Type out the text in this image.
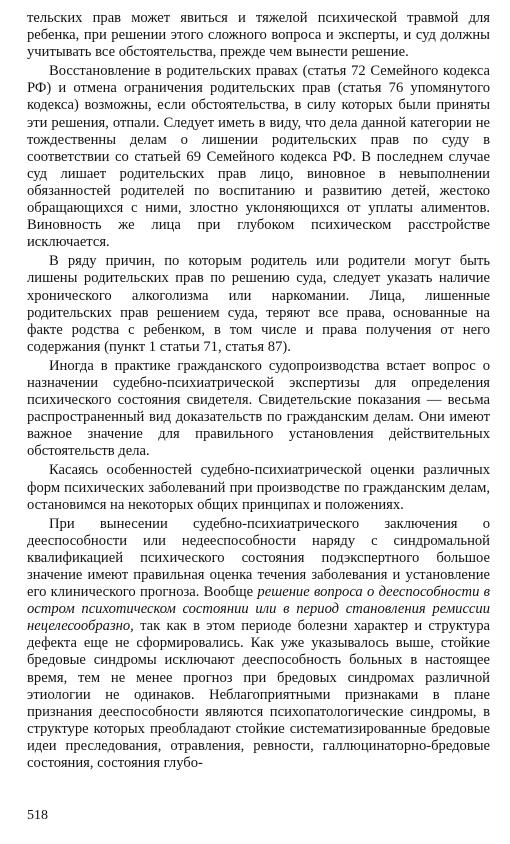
тельских прав может явиться и тяжелой психической травмой для ребенка, при решении этого сложного вопроса и эксперты, и суд должны учитывать все обстоятельства, прежде чем вынести решение.

Восстановление в родительских правах (статья 72 Семейного кодекса РФ) и отмена ограничения родительских прав (статья 76 упомянутого кодекса) возможны, если обстоятельства, в силу которых были приняты эти решения, отпали. Следует иметь в виду, что дела данной категории не тождественны делам о лишении родительских прав по суду в соответствии со статьей 69 Семейного кодекса РФ. В последнем случае суд лишает родительских прав лицо, виновное в невыполнении обязанностей родителей по воспитанию и развитию детей, жестоко обращающихся с ними, злостно уклоняющихся от уплаты алиментов. Виновность же лица при глубоком психическом расстройстве исключается.

В ряду причин, по которым родитель или родители могут быть лишены родительских прав по решению суда, следует указать наличие хронического алкоголизма или наркомании. Лица, лишенные родительских прав решением суда, теряют все права, основанные на факте родства с ребенком, в том числе и права получения от него содержания (пункт 1 статьи 71, статья 87).

Иногда в практике гражданского судопроизводства встает вопрос о назначении судебно-психиатрической экспертизы для определения психического состояния свидетеля. Свидетельские показания — весьма распространенный вид доказательств по гражданским делам. Они имеют важное значение для правильного установления действительных обстоятельств дела.

Касаясь особенностей судебно-психиатрической оценки различных форм психических заболеваний при производстве по гражданским делам, остановимся на некоторых общих принципах и положениях.

При вынесении судебно-психиатрического заключения о дееспособности или недееспособности наряду с синдромальной квалификацией психического состояния подэкспертного большое значение имеют правильная оценка течения заболевания и установление его клинического прогноза. Вообще решение вопроса о дееспособности в остром психотическом состоянии или в период становления ремиссии нецелесообразно, так как в этом периоде болезни характер и структура дефекта еще не сформировались. Как уже указывалось выше, стойкие бредовые синдромы исключают дееспособность больных в настоящее время, тем не менее прогноз при бредовых синдромах различной этиологии не одинаков. Неблагоприятными признаками в плане признания дееспособности являются психопатологические синдромы, в структуре которых преобладают стойкие систематизированные бредовые идеи преследования, отравления, ревности, галлюцинаторно-бредовые состояния, состояния глубо-

518
